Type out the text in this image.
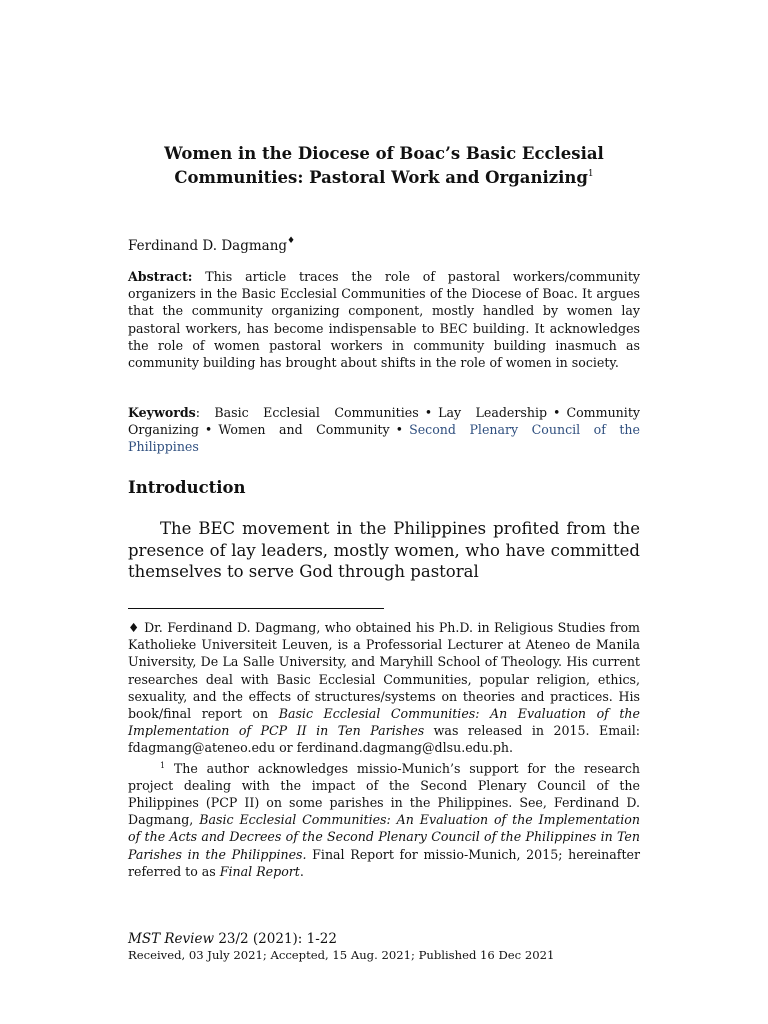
Women in the Diocese of Boac’s Basic Ecclesial
Communities: Pastoral Work and Organizing$^1$
Ferdinand D. Dagmang♦
Abstract: This article traces the role of pastoral workers/community organizers in the Basic Ecclesial Communities of the Diocese of Boac. It argues that the community organizing component, mostly handled by women lay pastoral workers, has become indispensable to BEC building. It acknowledges the role of women pastoral workers in community building inasmuch as community building has brought about shifts in the role of women in society.
Keywords: Basic Ecclesial Communities • Lay Leadership • Community Organizing • Women and Community • Second Plenary Council of the Philippines
Introduction

The BEC movement in the Philippines profited from the presence of lay leaders, mostly women, who have committed themselves to serve God through pastoral

♦ Dr. Ferdinand D. Dagmang, who obtained his Ph.D. in Religious Studies from Katholieke Universiteit Leuven, is a Professorial Lecturer at Ateneo de Manila University, De La Salle University, and Maryhill School of Theology. His current researches deal with Basic Ecclesial Communities, popular religion, ethics, sexuality, and the effects of structures/systems on theories and practices. His book/final report on Basic Ecclesial Communities: An Evaluation of the Implementation of PCP II in Ten Parishes was released in 2015. Email: fdagmang@ateneo.edu or ferdinand.dagmang@dlsu.edu.ph.

$^1$ The author acknowledges missio-Munich’s support for the research project dealing with the impact of the Second Plenary Council of the Philippines (PCP II) on some parishes in the Philippines. See, Ferdinand D. Dagmang, Basic Ecclesial Communities: An Evaluation of the Implementation of the Acts and Decrees of the Second Plenary Council of the Philippines in Ten Parishes in the Philippines. Final Report for missio-Munich, 2015; hereinafter referred to as Final Report.

MST Review 23/2 (2021): 1-22
Received, 03 July 2021; Accepted, 15 Aug. 2021; Published 16 Dec 2021
